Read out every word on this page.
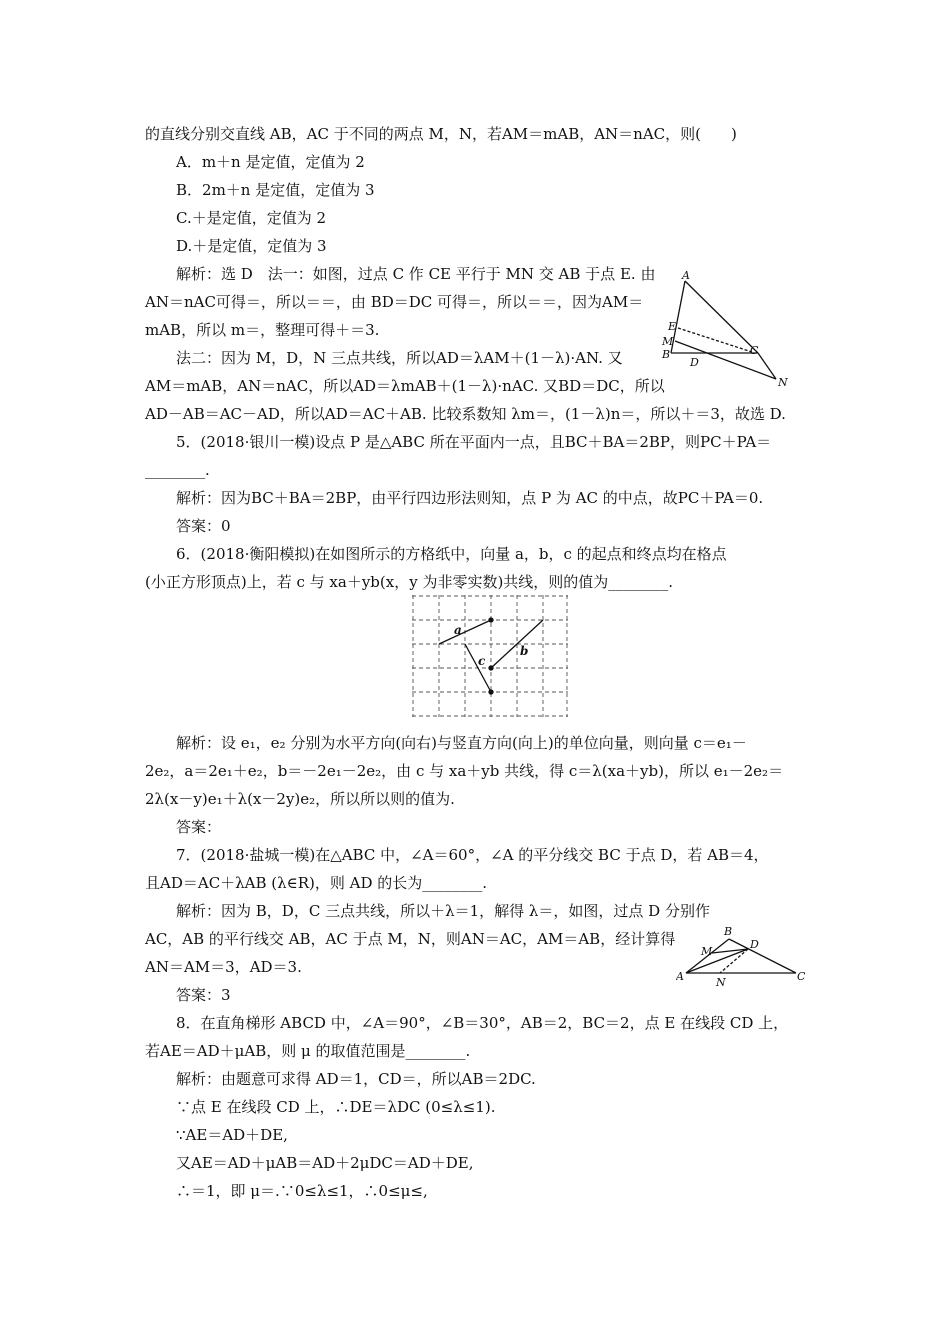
的直线分别交直线 AB，AC 于不同的两点 M，N，若AM＝mAB，AN＝nAC，则(　　)
A．m＋n 是定值，定值为 2
B．2m＋n 是定值，定值为 3
C.＋是定值，定值为 2
D.＋是定值，定值为 3
解析：选 D　法一：如图，过点 C 作 CE 平行于 MN 交 AB 于点 E. 由
AN＝nAC可得＝，所以＝＝，由 BD＝DC 可得＝，所以＝＝，因为AM＝
mAB，所以 m＝，整理可得＋＝3.
法二：因为 M，D，N 三点共线，所以AD＝λAM＋(1－λ)·AN. 又
AM＝mAB，AN＝nAC，所以AD＝λmAB＋(1－λ)·nAC. 又BD＝DC，所以
AD－AB＝AC－AD，所以AD＝AC＋AB. 比较系数知 λm＝，(1－λ)n＝，所以＋＝3，故选 D.
5．(2018·银川一模)设点 P 是△ABC 所在平面内一点，且BC＋BA＝2BP，则PC＋PA＝
________.
解析：因为BC＋BA＝2BP，由平行四边形法则知，点 P 为 AC 的中点，故PC＋PA＝0.
答案：0
6．(2018·衡阳模拟)在如图所示的方格纸中，向量 a，b，c 的起点和终点均在格点
(小正方形顶点)上，若 c 与 xa＋yb(x，y 为非零实数)共线，则的值为________.
解析：设 e₁，e₂ 分别为水平方向(向右)与竖直方向(向上)的单位向量，则向量 c＝e₁－
2e₂，a＝2e₁＋e₂，b＝－2e₁－2e₂，由 c 与 xa＋yb 共线，得 c＝λ(xa＋yb)，所以 e₁－2e₂＝
2λ(x－y)e₁＋λ(x－2y)e₂，所以所以则的值为.
答案：
7．(2018·盐城一模)在△ABC 中，∠A＝60°，∠A 的平分线交 BC 于点 D，若 AB＝4，
且AD＝AC＋λAB (λ∈R)，则 AD 的长为________.
解析：因为 B，D，C 三点共线，所以＋λ＝1，解得 λ＝，如图，过点 D 分别作
AC，AB 的平行线交 AB，AC 于点 M，N，则AN＝AC，AM＝AB，经计算得
AN＝AM＝3，AD＝3.
答案：3
8．在直角梯形 ABCD 中，∠A＝90°，∠B＝30°，AB＝2，BC＝2，点 E 在线段 CD 上，
若AE＝AD＋μAB，则 μ 的取值范围是________.
解析：由题意可求得 AD＝1，CD＝，所以AB＝2DC.
∵点 E 在线段 CD 上，∴DE＝λDC (0≤λ≤1).
∵AE＝AD＋DE,
又AE＝AD＋μAB＝AD＋2μDC＝AD＋DE,
∴＝1，即 μ＝.∵0≤λ≤1，∴0≤μ≤,
A
E
M
B
D
C
N
a
b
c
B
M
D
A	N	C
